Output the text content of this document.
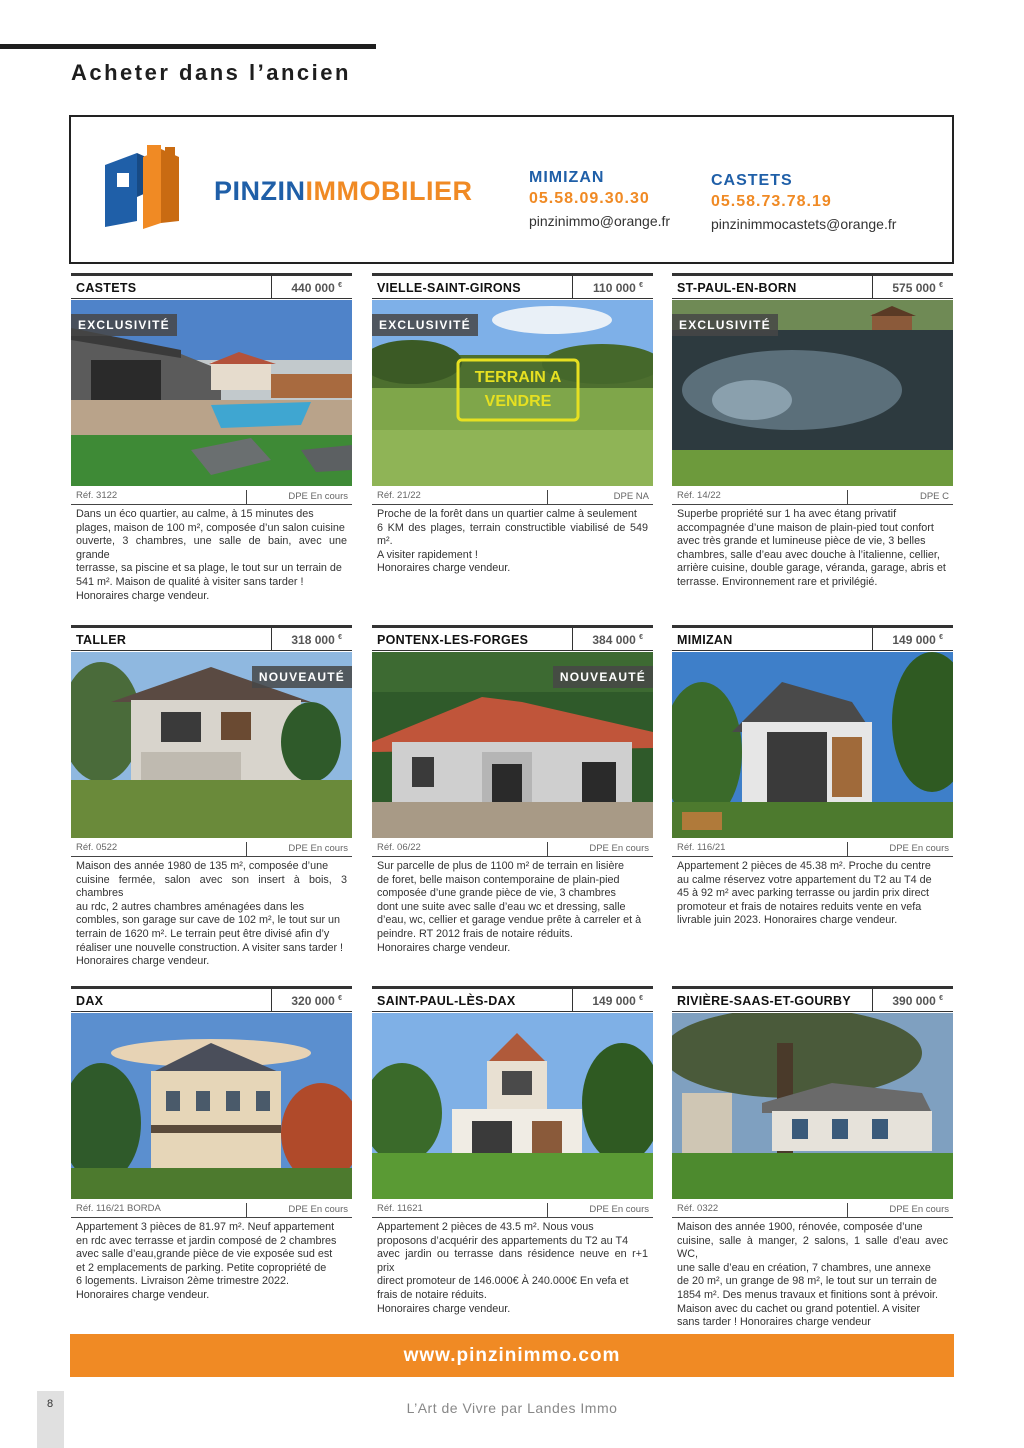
Acheter dans l’ancien
PINZINIMMOBILIER	MIMIZAN
05.58.09.30.30
pinzinimmo@orange.fr
CASTETS
05.58.73.78.19
pinzinimmocastets@orange.fr
CASTETS	440 000 €
EXCLUSIVITÉ
Réf. 3122	DPE En cours

Dans un éco quartier, au calme, à 15 minutes des

plages, maison de 100 m², composée d’un salon cuisine

ouverte, 3 chambres, une salle de bain, avec une grande

terrasse, sa piscine et sa plage, le tout sur un terrain de

541 m². Maison de qualité à visiter sans tarder !

Honoraires charge vendeur.

VIELLE-SAINT-GIRONS	110 000 €
TERRAIN A
VENDRE
EXCLUSIVITÉ
Réf. 21/22	DPE NA

Proche de la forêt dans un quartier calme à seulement

6 KM des plages, terrain constructible viabilisé de 549 m².

A visiter rapidement !

Honoraires charge vendeur.

ST-PAUL-EN-BORN	575 000 €
EXCLUSIVITÉ
Réf. 14/22	DPE C

Superbe propriété sur 1 ha avec étang privatif

accompagnée d’une maison de plain-pied tout confort

avec très grande et lumineuse pièce de vie, 3 belles

chambres, salle d’eau avec douche à l’italienne, cellier,

arrière cuisine, double garage, véranda, garage, abris et

terrasse. Environnement rare et privilégié.

TALLER	318 000 €
NOUVEAUTÉ
Réf. 0522	DPE En cours

Maison des année 1980 de 135 m², composée d’une

cuisine fermée, salon avec son insert à bois, 3 chambres

au rdc, 2 autres chambres aménagées dans les

combles, son garage sur cave de 102 m², le tout sur un

terrain de 1620 m². Le terrain peut être divisé afin d’y

réaliser une nouvelle construction. A visiter sans tarder !

Honoraires charge vendeur.

PONTENX-LES-FORGES	384 000 €
NOUVEAUTÉ
Réf. 06/22	DPE En cours

Sur parcelle de plus de 1100 m² de terrain en lisière

de foret, belle maison contemporaine de plain-pied

composée d’une grande pièce de vie, 3 chambres

dont une suite avec salle d’eau wc et dressing, salle

d’eau, wc, cellier et garage vendue prête à carreler et à

peindre. RT 2012 frais de notaire réduits.

Honoraires charge vendeur.

MIMIZAN	149 000 €
Réf. 116/21	DPE En cours

Appartement 2 pièces de 45.38 m². Proche du centre

au calme réservez votre appartement du T2 au T4 de

45 à 92 m² avec parking terrasse ou jardin prix direct

promoteur et frais de notaires reduits vente en vefa

livrable juin 2023. Honoraires charge vendeur.

DAX	320 000 €
Réf. 116/21 BORDA	DPE En cours

Appartement 3 pièces de 81.97 m². Neuf appartement

en rdc avec terrasse et jardin composé de 2 chambres

avec salle d’eau,grande pièce de vie exposée sud est

et 2 emplacements de parking. Petite copropriété de

6 logements. Livraison 2ème trimestre 2022.

Honoraires charge vendeur.

SAINT-PAUL-LÈS-DAX	149 000 €
Réf. 11621	DPE En cours

Appartement 2 pièces de 43.5 m². Nous vous

proposons d’acquérir des appartements du T2 au T4

avec jardin ou terrasse dans résidence neuve en r+1 prix

direct promoteur de 146.000€ À 240.000€ En vefa et

frais de notaire réduits.

Honoraires charge vendeur.

RIVIÈRE-SAAS-ET-GOURBY	390 000 €
Réf. 0322	DPE En cours

Maison des année 1900, rénovée, composée d’une

cuisine, salle à manger, 2 salons, 1 salle d’eau avec WC,

une salle d’eau en création, 7 chambres, une annexe

de 20 m², un grange de 98 m², le tout sur un terrain de

1854 m². Des menus travaux et finitions sont à prévoir.

Maison avec du cachet ou grand potentiel. A visiter

sans tarder ! Honoraires charge vendeur

www.pinzinimmo.com
8	L’Art de Vivre par Landes Immo
